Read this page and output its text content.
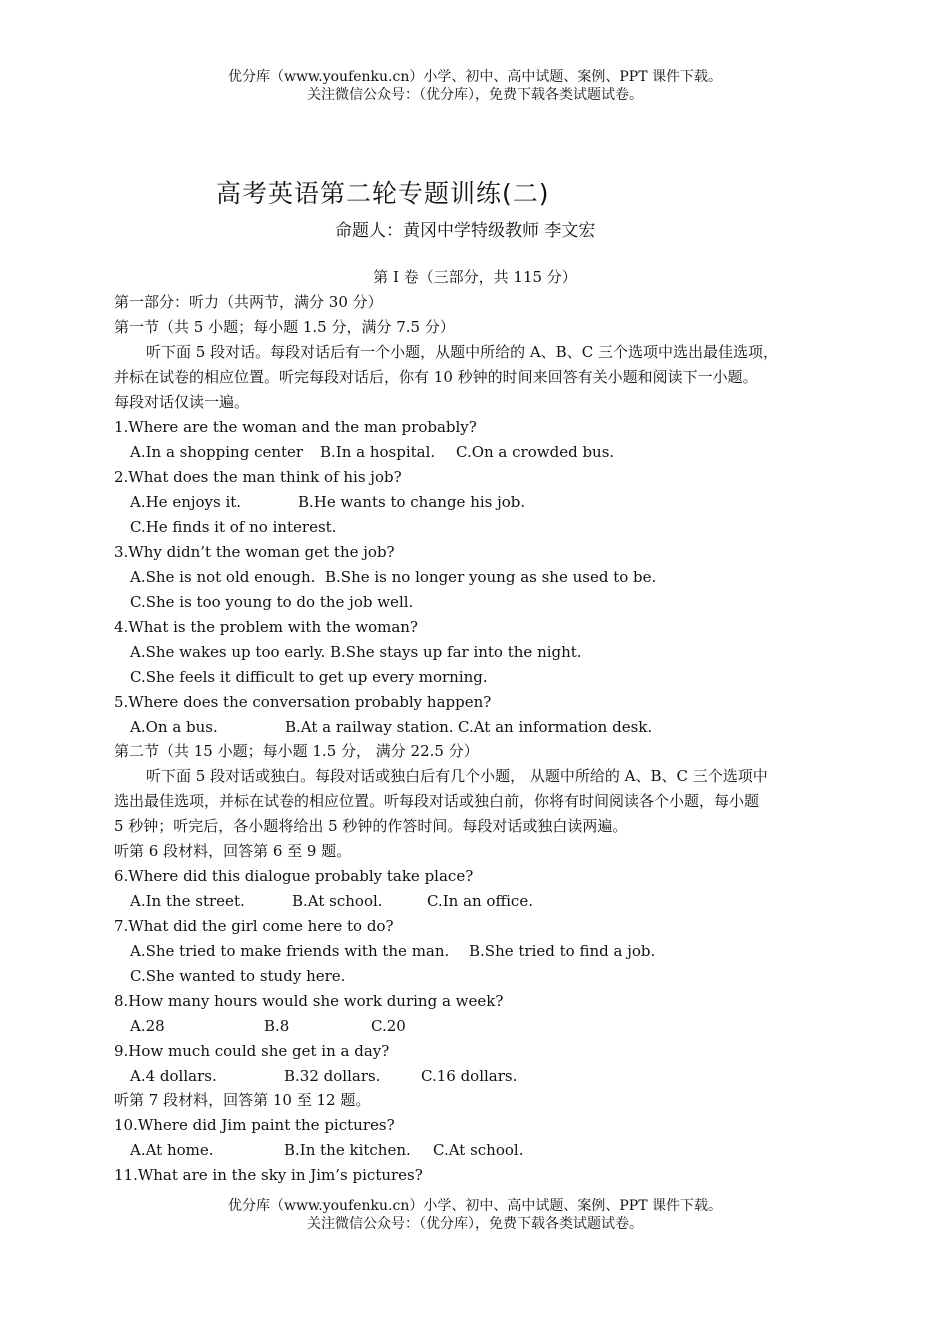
优分库（www.youfenku.cn）小学、初中、高中试题、案例、PPT 课件下载。
关注微信公众号：（优分库），免费下载各类试题试卷。
高考英语第二轮专题训练(二)
命题人：黄冈中学特级教师 李文宏
第 I 卷（三部分，共 115 分）
第一部分：听力（共两节，满分 30 分）
第一节（共 5 小题；每小题 1.5 分，满分 7.5 分）
听下面 5 段对话。每段对话后有一个小题，从题中所给的 A、B、C 三个选项中选出最佳选项，
并标在试卷的相应位置。听完每段对话后，你有 10 秒钟的时间来回答有关小题和阅读下一小题。
每段对话仅读一遍。
1.Where are the woman and the man probably?
A.In a shopping center B.In a hospital. C.On a crowded bus.
2.What does the man think of his job?
A.He enjoys it.	B.He wants to change his job.
C.He finds it of no interest.
3.Why didn’t the woman get the job?
A.She is not old enough. B.She is no longer young as she used to be.
C.She is too young to do the job well.
4.What is the problem with the woman?
A.She wakes up too early. B.She stays up far into the night.
C.She feels it difficult to get up every morning.
5.Where does the conversation probably happen?
A.On a bus.	B.At a railway station. C.At an information desk.
第二节（共 15 小题；每小题 1.5 分， 满分 22.5 分）
听下面 5 段对话或独白。每段对话或独白后有几个小题， 从题中所给的 A、B、C 三个选项中
选出最佳选项，并标在试卷的相应位置。听每段对话或独白前，你将有时间阅读各个小题，每小题
5 秒钟；听完后，各小题将给出 5 秒钟的作答时间。每段对话或独白读两遍。
听第 6 段材料，回答第 6 至 9 题。
6.Where did this dialogue probably take place?
A.In the street.	B.At school.	C.In an office.
7.What did the girl come here to do?
A.She tried to make friends with the man. B.She tried to find a job.
C.She wanted to study here.
8.How many hours would she work during a week?
A.28	B.8	C.20
9.How much could she get in a day?
A.4 dollars.	B.32 dollars.	C.16 dollars.
听第 7 段材料，回答第 10 至 12 题。
10.Where did Jim paint the pictures?
A.At home.	B.In the kitchen. C.At school.
11.What are in the sky in Jim’s pictures?
优分库（www.youfenku.cn）小学、初中、高中试题、案例、PPT 课件下载。
关注微信公众号：（优分库），免费下载各类试题试卷。
